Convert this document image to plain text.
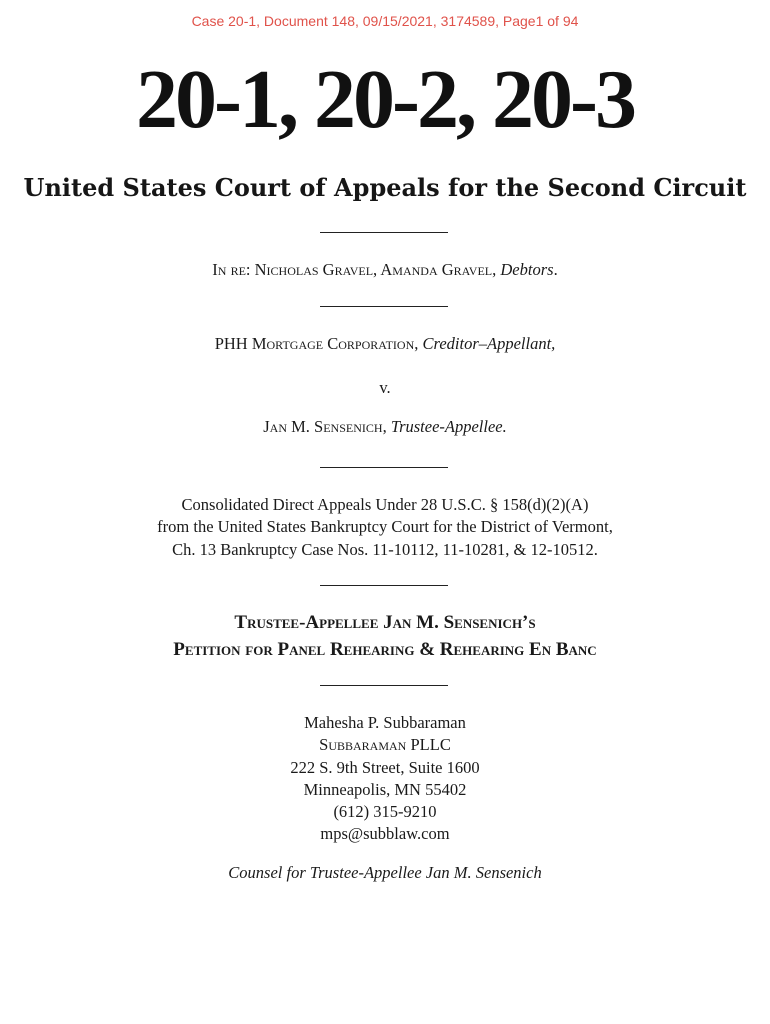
Case 20-1, Document 148, 09/15/2021, 3174589, Page1 of 94
20-1, 20-2, 20-3
United States Court of Appeals for the Second Circuit
In re: Nicholas Gravel, Amanda Gravel, Debtors.
PHH Mortgage Corporation, Creditor–Appellant,
v.
Jan M. Sensenich, Trustee-Appellee.
Consolidated Direct Appeals Under 28 U.S.C. § 158(d)(2)(A)
from the United States Bankruptcy Court for the District of Vermont,
Ch. 13 Bankruptcy Case Nos. 11-10112, 11-10281, & 12-10512.
Trustee-Appellee Jan M. Sensenich’s
Petition for Panel Rehearing & Rehearing En Banc
Mahesha P. Subbaraman
Subbaraman PLLC
222 S. 9th Street, Suite 1600
Minneapolis, MN 55402
(612) 315-9210
mps@subblaw.com
Counsel for Trustee-Appellee Jan M. Sensenich
